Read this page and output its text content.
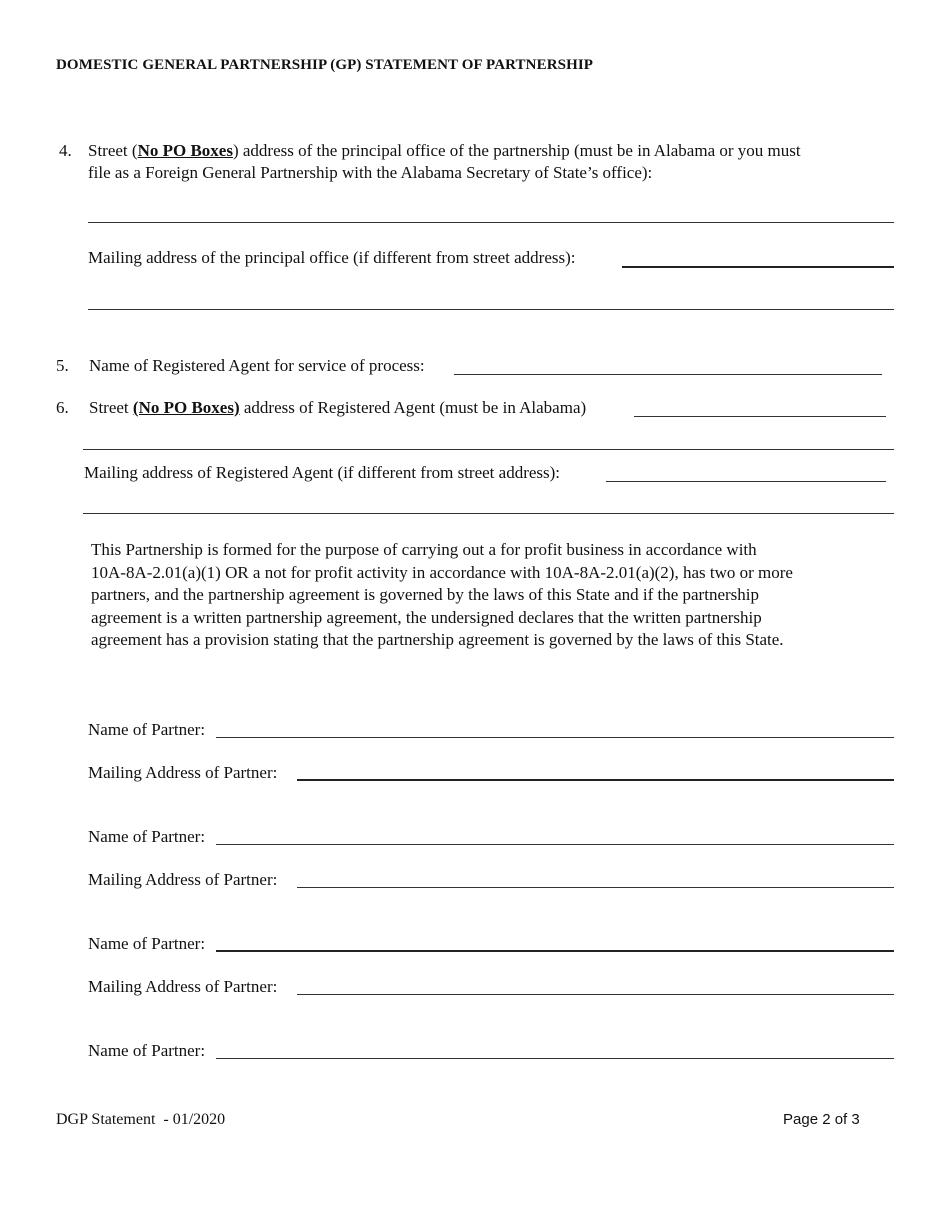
DOMESTIC GENERAL PARTNERSHIP (GP) STATEMENT OF PARTNERSHIP
4. Street (No PO Boxes) address of the principal office of the partnership (must be in Alabama or you must
file as a Foreign General Partnership with the Alabama Secretary of State’s office):
Mailing address of the principal office (if different from street address):
5. Name of Registered Agent for service of process:
6. Street (No PO Boxes) address of Registered Agent (must be in Alabama)
Mailing address of Registered Agent (if different from street address):
This Partnership is formed for the purpose of carrying out a for profit business in accordance with
10A-8A-2.01(a)(1) OR a not for profit activity in accordance with 10A-8A-2.01(a)(2), has two or more
partners, and the partnership agreement is governed by the laws of this State and if the partnership
agreement is a written partnership agreement, the undersigned declares that the written partnership
agreement has a provision stating that the partnership agreement is governed by the laws of this State.
Name of Partner:
Mailing Address of Partner:
Name of Partner:
Mailing Address of Partner:
Name of Partner:
Mailing Address of Partner:
Name of Partner:
DGP Statement  - 01/2020	Page 2 of 3
